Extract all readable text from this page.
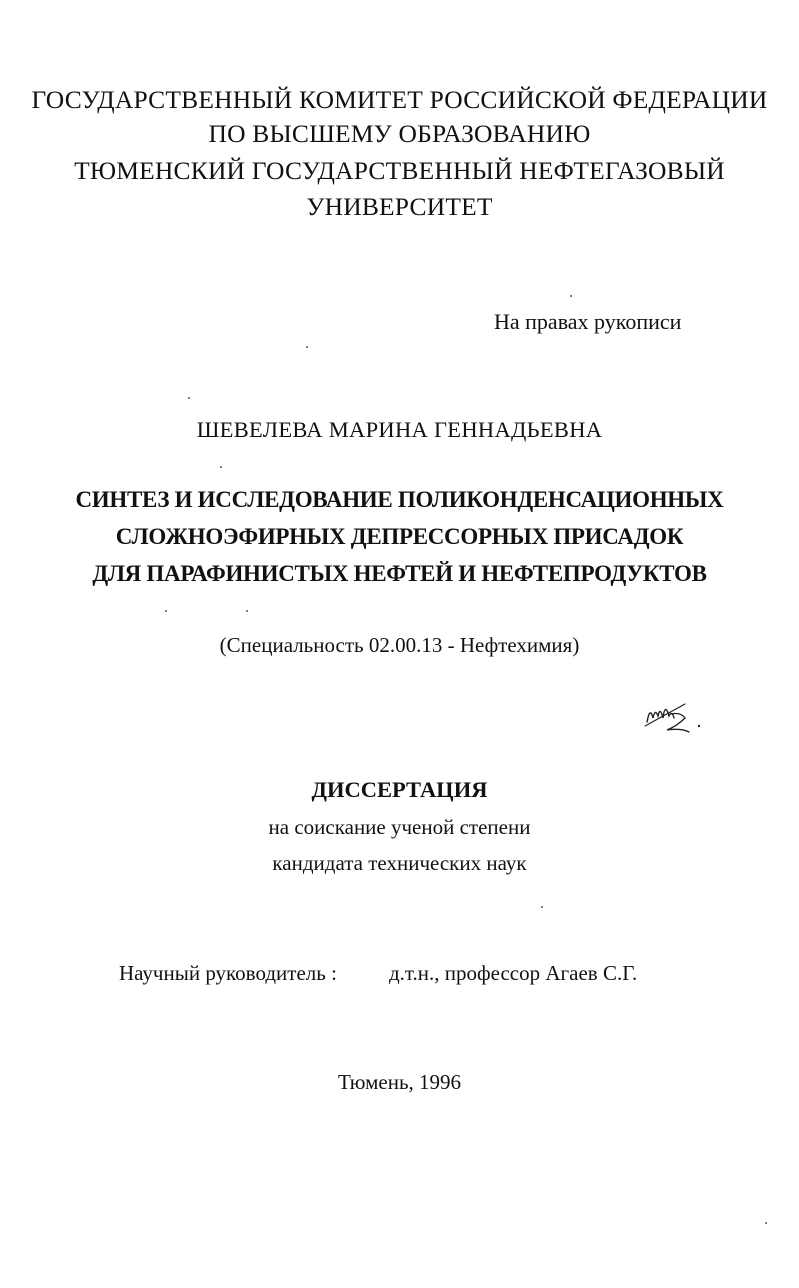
ГОСУДАРСТВЕННЫЙ КОМИТЕТ РОССИЙСКОЙ ФЕДЕРАЦИИ
ПО ВЫСШЕМУ ОБРАЗОВАНИЮ
ТЮМЕНСКИЙ ГОСУДАРСТВЕННЫЙ НЕФТЕГАЗОВЫЙ
УНИВЕРСИТЕТ
На правах рукописи
ШЕВЕЛЕВА МАРИНА ГЕННАДЬЕВНА
СИНТЕЗ И ИССЛЕДОВАНИЕ ПОЛИКОНДЕНСАЦИОННЫХ
СЛОЖНОЭФИРНЫХ ДЕПРЕССОРНЫХ ПРИСАДОК
ДЛЯ ПАРАФИНИСТЫХ НЕФТЕЙ И НЕФТЕПРОДУКТОВ
(Специальность 02.00.13 - Нефтехимия)
ДИССЕРТАЦИЯ
на соискание ученой степени
кандидата технических наук
Научный руководитель : д.т.н., профессор Агаев С.Г.
Тюмень, 1996
